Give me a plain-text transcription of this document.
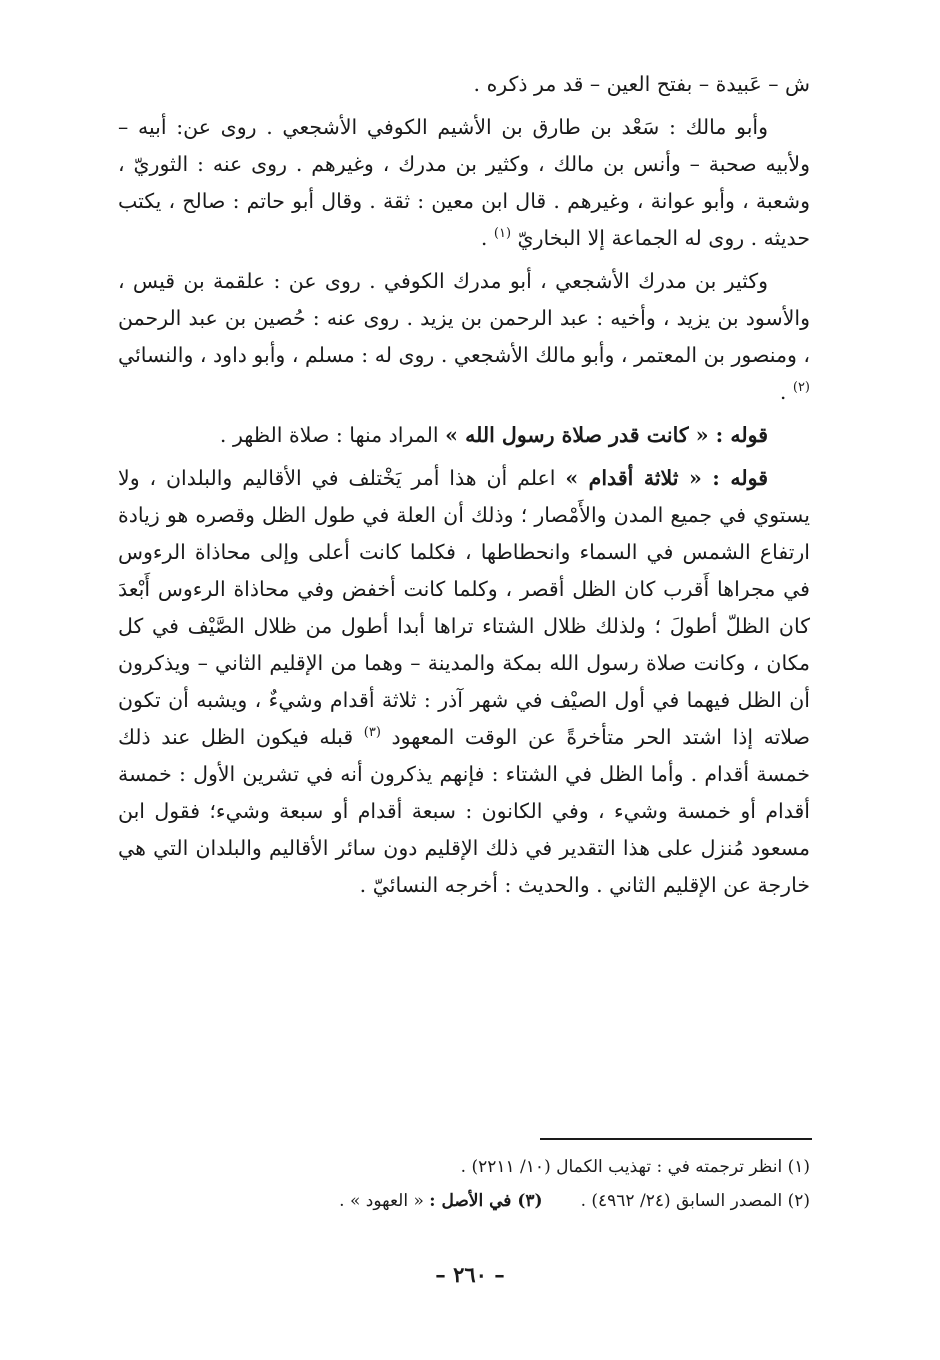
ش – عَبيدة – بفتح العين – قد مر ذكره .

وأبو مالك : سَعْد بن طارق بن الأشيم الكوفي الأشجعي . روى عن: أبيه – ولأبيه صحبة – وأنس بن مالك ، وكثير بن مدرك ، وغيرهم . روى عنه : الثوريّ ، وشعبة ، وأبو عوانة ، وغيرهم . قال ابن معين : ثقة . وقال أبو حاتم : صالح ، يكتب حديثه . روى له الجماعة إلا البخاريّ $^{(١)}$ .

وكثير بن مدرك الأشجعي ، أبو مدرك الكوفي . روى عن : علقمة بن قيس ، والأسود بن يزيد ، وأخيه : عبد الرحمن بن يزيد . روى عنه : حُصين بن عبد الرحمن ، ومنصور بن المعتمر ، وأبو مالك الأشجعي . روى له : مسلم ، وأبو داود ، والنسائي $^{(٢)}$ .

قوله : « كانت قدر صلاة رسول الله » المراد منها : صلاة الظهر .

قوله : « ثلاثة أقدام » اعلم أن هذا أمر يَخْتلف في الأقاليم والبلدان ، ولا يستوي في جميع المدن والأَمْصار ؛ وذلك أن العلة في طول الظل وقصره هو زيادة ارتفاع الشمس في السماء وانحطاطها ، فكلما كانت أعلى وإلى محاذاة الرءوس في مجراها أَقرب كان الظل أقصر ، وكلما كانت أخفض وفي محاذاة الرءوس أَبْعدَ كان الظلّ أطولَ ؛ ولذلك ظلال الشتاء تراها أبدا أطول من ظلال الصَّيْف في كل مكان ، وكانت صلاة رسول الله بمكة والمدينة – وهما من الإقليم الثاني – ويذكرون أن الظل فيهما في أول الصيْف في شهر آذر : ثلاثة أقدام وشيءٌ ، ويشبه أن تكون صلاته إذا اشتد الحر متأخرةً عن الوقت المعهود $^{(٣)}$ قبله فيكون الظل عند ذلك خمسة أقدام . وأما الظل في الشتاء : فإنهم يذكرون أنه في تشرين الأول : خمسة أقدام أو خمسة وشيء ، وفي الكانون : سبعة أقدام أو سبعة وشيء؛ فقول ابن مسعود مُنزل على هذا التقدير في ذلك الإقليم دون سائر الأقاليم والبلدان التي هي خارجة عن الإقليم الثاني . والحديث : أخرجه النسائيّ .

(١) انظر ترجمته في : تهذيب الكمال (١٠/ ٢٢١١) .
(٢) المصدر السابق (٢٤/ ٤٩٦٢) .
(٣) في الأصل : « العهود » .
– ٢٦٠ –
